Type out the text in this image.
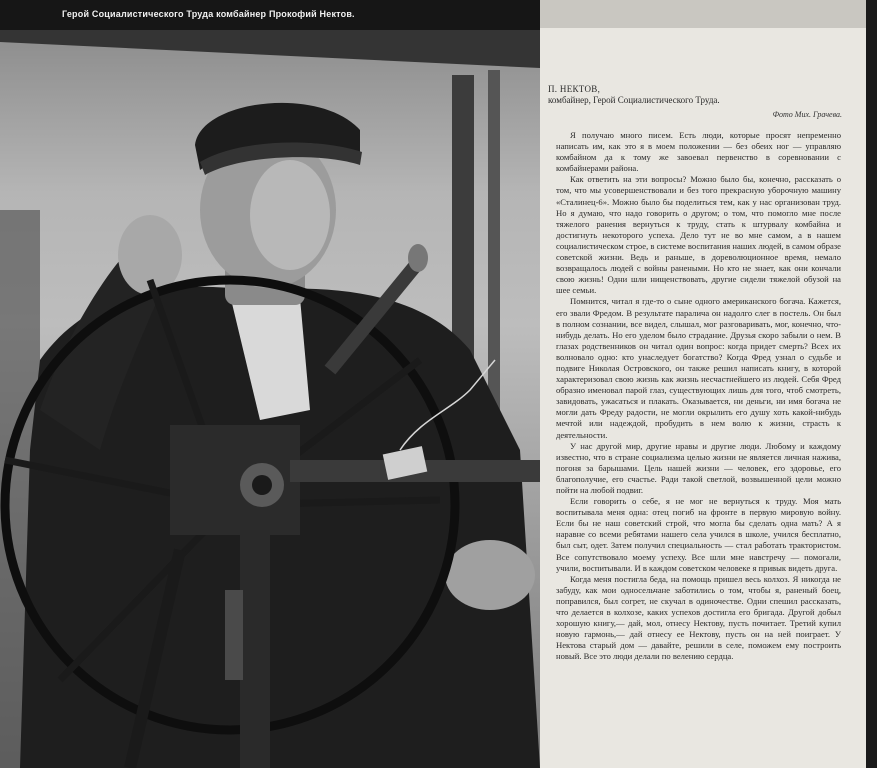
Герой Социалистического Труда комбайнер Прокофий Нектов.
П. НЕКТОВ,
комбайнер, Герой Социалистического Труда.
Фото Мих. Грачева.

Я получаю много писем. Есть люди, которые просят непременно написать им, как это я в моем положении — без обеих ног — управляю комбайном да к тому же завоевал первенство в соревновании с комбайнерами района.

Как ответить на эти вопросы? Можно было бы, конечно, рассказать о том, что мы усовершенствовали и без того прекрасную уборочную машину «Сталинец-6». Можно было бы поделиться тем, как у нас организован труд. Но я думаю, что надо говорить о другом; о том, что помогло мне после тяжелого ранения вернуться к труду, стать к штурвалу комбайна и достигнуть некоторого успеха. Дело тут не во мне самом, а в нашем социалистическом строе, в системе воспитания наших людей, в самом образе советской жизни. Ведь и раньше, в дореволюционное время, немало возвращалось людей с войны ранеными. Но кто не знает, как они кончали свою жизнь! Одни шли нищенствовать, другие сидели тяжелой обузой на шее семьи.

Помнится, читал я где-то о сыне одного американского богача. Кажется, его звали Фредом. В результате паралича он надолго слег в постель. Он был в полном сознании, все видел, слышал, мог разговаривать, мог, конечно, что-нибудь делать. Но его уделом было страдание. Друзья скоро забыли о нем. В глазах родственников он читал один вопрос: когда придет смерть? Всех их волновало одно: кто унаследует богатство? Когда Фред узнал о судьбе и подвиге Николая Островского, он также решил написать книгу, в которой характеризовал свою жизнь как жизнь несчастнейшего из людей. Себя Фред образно именовал парой глаз, существующих лишь для того, чтоб смотреть, завидовать, ужасаться и плакать. Оказывается, ни деньги, ни имя богача не могли дать Фреду радости, не могли окрылить его душу хоть какой-нибудь мечтой или надеждой, пробудить в нем волю к жизни, страсть к деятельности.

У нас другой мир, другие нравы и другие люди. Любому и каждому известно, что в стране социализма целью жизни не является личная нажива, погоня за барышами. Цель нашей жизни — человек, его здоровье, его благополучие, его счастье. Ради такой светлой, возвышенной цели можно пойти на любой подвиг.

Если говорить о себе, я не мог не вернуться к труду. Моя мать воспитывала меня одна: отец погиб на фронте в первую мировую войну. Если бы не наш советский строй, что могла бы сделать одна мать? А я наравне со всеми ребятами нашего села учился в школе, учился бесплатно, был сыт, одет. Затем получил специальность — стал работать трактористом. Все сопутствовало моему успеху. Все шли мне навстречу — помогали, учили, воспитывали. И в каждом советском человеке я привык видеть друга.

Когда меня постигла беда, на помощь пришел весь колхоз. Я никогда не забуду, как мои односельчане заботились о том, чтобы я, раненый боец, поправился, был согрет, не скучал в одиночестве. Одни спешил рассказать, что делается в колхозе, каких успехов достигла его бригада. Другой добыл хорошую книгу,— дай, мол, отнесу Нектову, пусть почитает. Третий купил новую гармонь,— дай отнесу ее Нектову, пусть он на ней поиграет. У Нектова старый дом — давайте, решили в селе, поможем ему построить новый. Все это люди делали по велению сердца.
